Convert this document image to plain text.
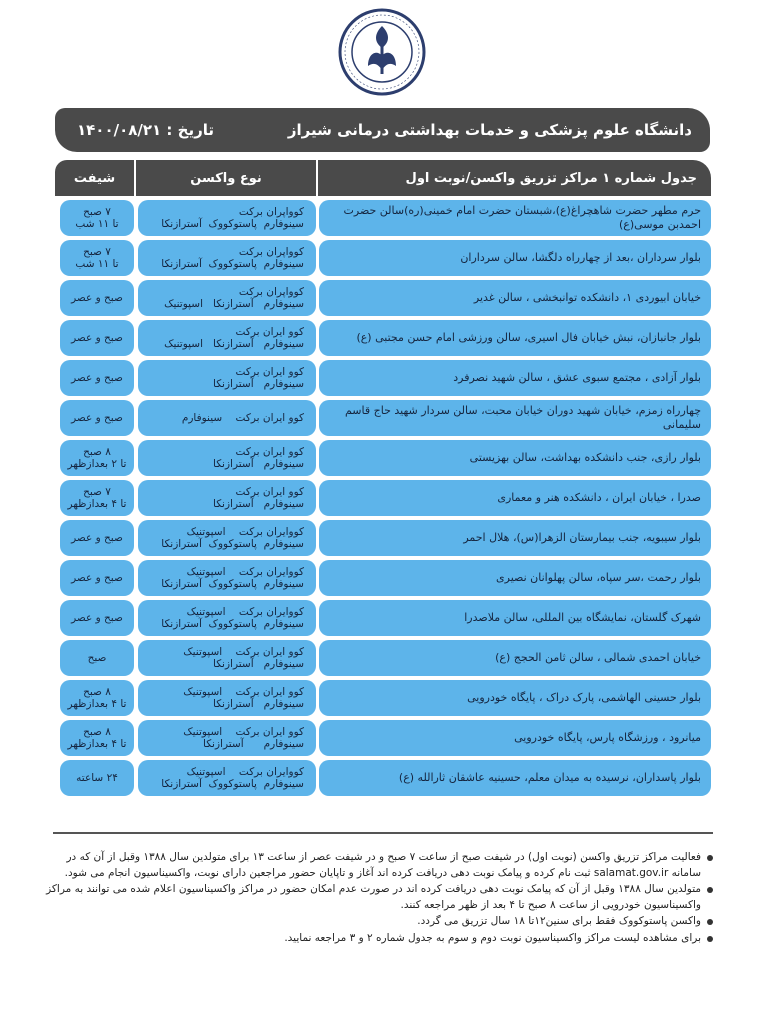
تاریخ : ۱۴۰۰/۰۸/۲۱	دانشگاه علوم پزشکی و خدمات بهداشتی درمانی شیراز
جدول شماره ۱ مراکز تزریق واکسن/نوبت اول
نوع واکسن
شیفت
حرم مطهر حضرت شاهچراغ(ع)،شبستان حضرت امام خمینی(ره)سالن حضرت احمدبن موسی(ع)
کوواپران برکت
سینوفارم  پاستوکووک  آسترازنکا
۷ صبح
تا ۱۱ شب
بلوار سرداران ،بعد از چهارراه دلگشا، سالن سرداران
کوواپران برکت
سینوفارم  پاستوکووک  آسترازنکا
۷ صبح
تا ۱۱ شب
خیابان ابیوردی ۱، دانشکده توانبخشی ، سالن غدیر
کوواپران برکت
سینوفارم   آسترازنکا   اسپوتنیک
صبح و عصر
بلوار جانبازان، نبش خیابان فال اسیری، سالن ورزشی امام حسن مجتبی (ع)
کوو ایران برکت
سینوفارم   آسترازنکا   اسپوتنیک
صبح و عصر
بلوار آزادی ، مجتمع سبوی عشق ، سالن شهید نصرفرد
کوو ایران برکت
سینوفارم   آسترازنکا
صبح و عصر
چهارراه زمزم، خیابان شهید دوران خیابان محبت، سالن سردار شهید حاج قاسم سلیمانی
کوو ایران برکت    سینوفارم
صبح و عصر
بلوار رازی، جنب دانشکده بهداشت، سالن بهزیستی
کوو ایران برکت
سینوفارم   آسترازنکا
۸ صبح
تا ۲ بعدازظهر
صدرا ، خیابان ایران ، دانشکده هنر و معماری
کوو ایران برکت
سینوفارم   آسترازنکا
۷ صبح
تا ۴ بعدازظهر
بلوار سیبویه، جنب بیمارستان الزهرا(س)، هلال احمر
کووایران برکت    اسپوتنیک
سینوفارم  پاستوکووک  آسترازنکا
صبح و عصر
بلوار رحمت ،سر سپاه، سالن پهلوانان نصیری
کووایران برکت    اسپوتنیک
سینوفارم  پاستوکووک  آسترازنکا
صبح و عصر
شهرک گلستان، نمایشگاه بین المللی، سالن ملاصدرا
کووایران برکت    اسپوتنیک
سینوفارم  پاستوکووک  آسترازنکا
صبح و عصر
خیابان احمدی شمالی ، سالن ثامن الحجج (ع)
کوو ایران برکت    اسپوتنیک
سینوفارم   آسترازنکا
صبح
بلوار حسینی الهاشمی، پارک دراک ، پایگاه خودرویی
کوو ایران برکت    اسپوتنیک
سینوفارم   آسترازنکا
۸ صبح
تا ۴ بعدازظهر
میانرود ، ورزشگاه پارس، پایگاه خودرویی
کوو ایران برکت    اسپوتنیک
سینوفارم      آسترازنکا
۸ صبح
تا ۴ بعدازظهر
بلوار پاسداران، نرسیده به میدان معلم، حسینیه عاشقان ثارالله (ع)
کووایران برکت    اسپوتنیک
سینوفارم  پاستوکووک  آسترازنکا
۲۴ ساعته
فعالیت مراکز تزریق واکسن (نوبت اول) در شیفت صبح از ساعت ۷ صبح و در شیفت عصر از ساعت ۱۳ برای متولدین سال ۱۳۸۸ وقبل از آن که در سامانه salamat.gov.ir ثبت نام کرده و پیامک نوبت دهی دریافت کرده اند آغاز و تاپایان حضور مراجعین دارای نوبت، واکسیناسیون انجام می شود.
متولدین سال ۱۳۸۸ وقبل از آن که پیامک نوبت دهی دریافت کرده اند در صورت عدم امکان حضور در مراکز واکسیناسیون اعلام شده می توانند به مراکز واکسیناسیون خودرویی از ساعت ۸ صبح تا ۴ بعد از ظهر مراجعه کنند.
واکسن پاستوکووک فقط برای سنین۱۲تا ۱۸ سال تزریق می گردد.
برای مشاهده لیست مراکز واکسیناسیون نوبت دوم و سوم به جدول شماره ۲ و ۳ مراجعه نمایید.
